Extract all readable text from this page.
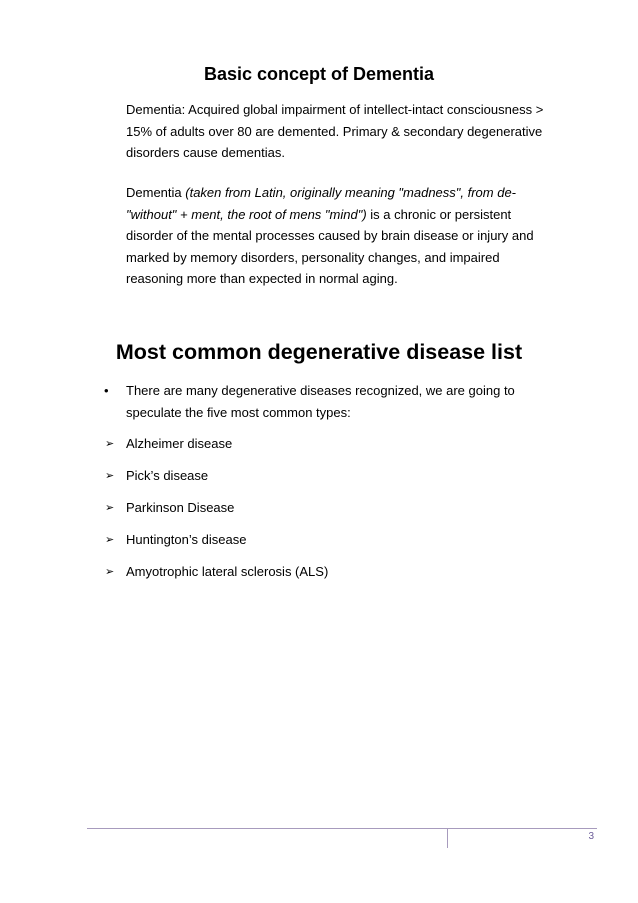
Basic concept of Dementia

Dementia: Acquired global impairment of intellect-intact consciousness >
15% of adults over 80 are demented. Primary & secondary degenerative
disorders cause dementias.

Dementia (taken from Latin, originally meaning "madness", from de-
"without" + ment, the root of mens "mind") is a chronic or persistent
disorder of the mental processes caused by brain disease or injury and
marked by memory disorders, personality changes, and impaired
reasoning more than expected in normal aging.

Most common degenerative disease list
• There are many degenerative diseases recognized, we are going to
speculate the five most common types:
➢ Alzheimer disease
➢ Pick’s disease
➢ Parkinson Disease
➢ Huntington’s disease
➢ Amyotrophic lateral sclerosis (ALS)
3
